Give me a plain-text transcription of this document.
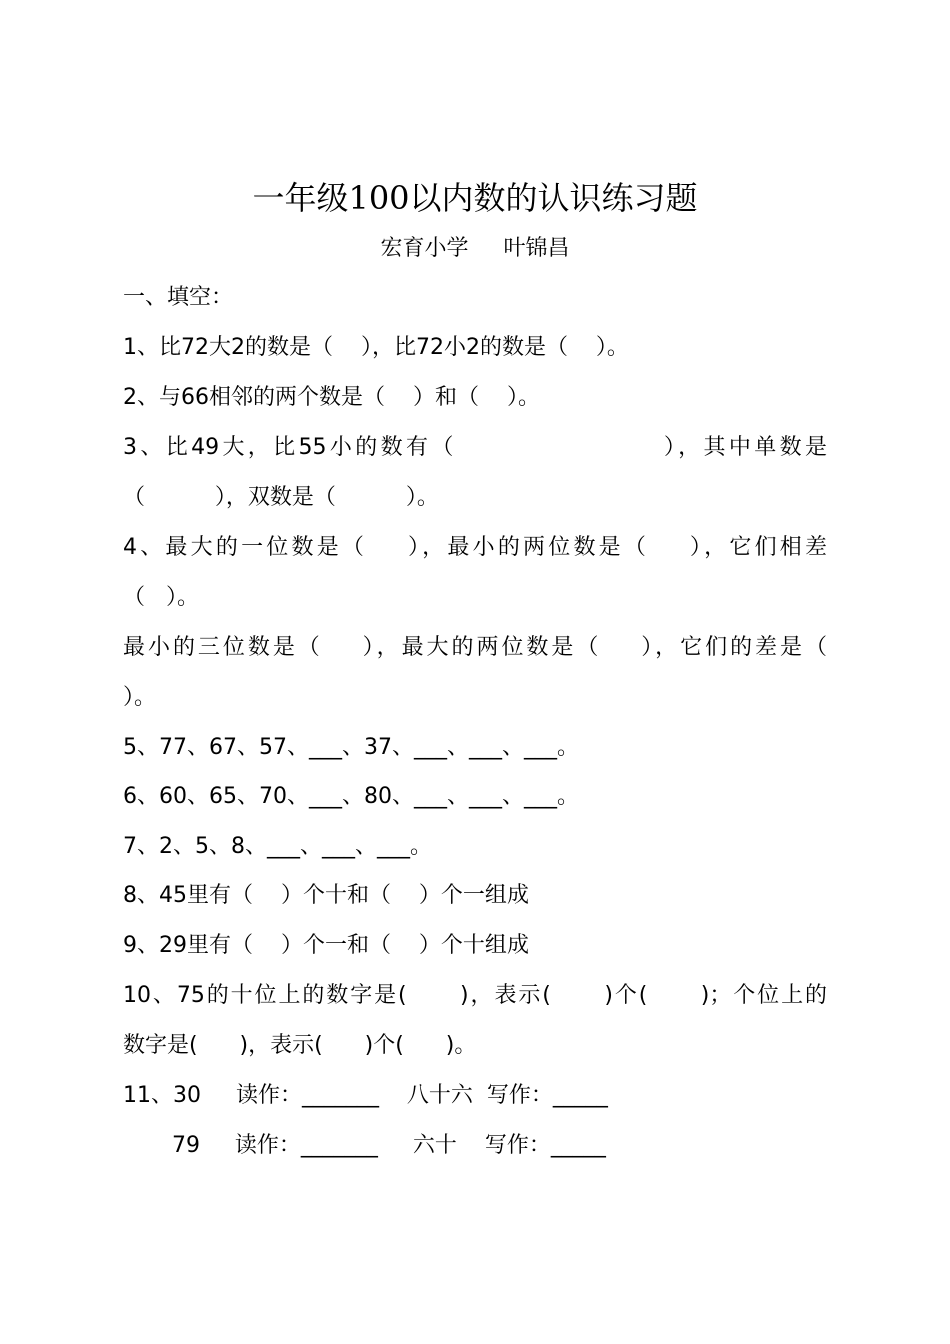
一年级100以内数的认识练习题
宏育小学     叶锦昌
一、填空：
1、比72大2的数是（    ），比72小2的数是（    ）。
2、与66相邻的两个数是（    ）和（    ）。
3、比49大，比55小的数有（                    ），其中单数是
（          ），双数是（          ）。
4、最大的一位数是（    ），最小的两位数是（    ），它们相差
（   ）。
最小的三位数是（    ），最大的两位数是（    ），它们的差是（
）。
5、77、67、57、___、37、___、___、___。
6、60、65、70、___、80、___、___、___。
7、2、5、8、___、___、___。
8、45里有（    ）个十和（    ）个一组成
9、29里有（    ）个一和（    ）个十组成
10、75的十位上的数字是(      )，表示(      )个(      )；个位上的
数字是(      )，表示(      )个(      )。
11、30     读作：_______    八十六  写作：_____
79     读作：_______     六十    写作：_____
